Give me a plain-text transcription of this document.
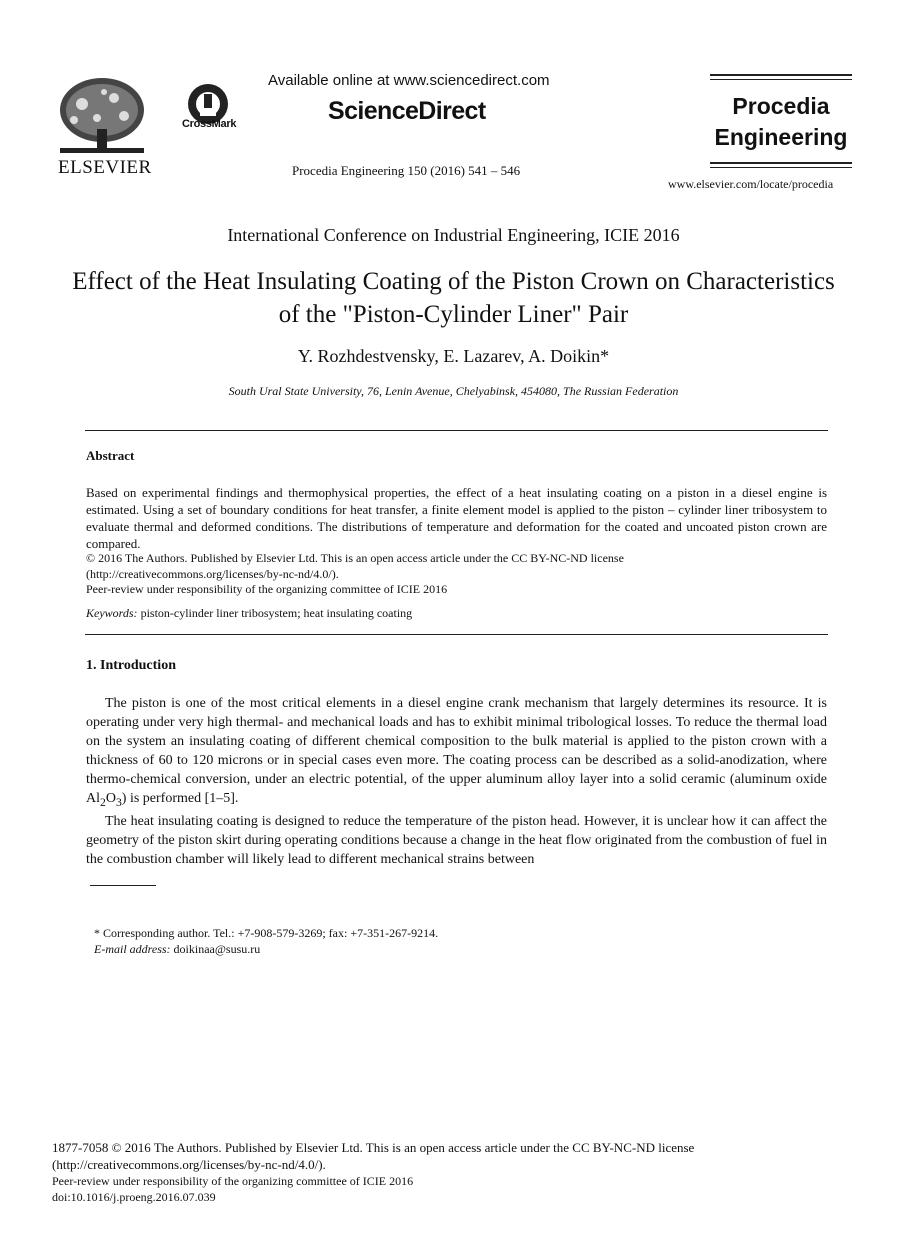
ELSEVIER
CrossMark
Available online at www.sciencedirect.com
ScienceDirect
Procedia Engineering 150 (2016) 541 – 546
Procedia
Engineering
www.elsevier.com/locate/procedia
International Conference on Industrial Engineering, ICIE 2016
Effect of the Heat Insulating Coating of the Piston Crown on Characteristics of the "Piston-Cylinder Liner" Pair
Y. Rozhdestvensky, E. Lazarev, A. Doikin*
South Ural State University, 76, Lenin Avenue, Chelyabinsk, 454080, The Russian Federation
Abstract
Based on experimental findings and thermophysical properties, the effect of a heat insulating coating on a piston in a diesel engine is estimated. Using a set of boundary conditions for heat transfer, a finite element model is applied to the piston – cylinder liner tribosystem to evaluate thermal and deformed conditions. The distributions of temperature and deformation for the coated and uncoated piston crown are compared.
© 2016 The Authors. Published by Elsevier Ltd. This is an open access article under the CC BY-NC-ND license
(http://creativecommons.org/licenses/by-nc-nd/4.0/).
Peer-review under responsibility of the organizing committee of ICIE 2016
Keywords: piston-cylinder liner tribosystem; heat insulating coating
1. Introduction

The piston is one of the most critical elements in a diesel engine crank mechanism that largely determines its resource. It is operating under very high thermal- and mechanical loads and has to exhibit minimal tribological losses. To reduce the thermal load on the system an insulating coating of different chemical composition to the bulk material is applied to the piston crown with a thickness of 60 to 120 microns or in special cases even more. The coating process can be described as a solid-anodization, where thermo-chemical conversion, under an electric potential, of the upper aluminum alloy layer into a solid ceramic (aluminum oxide $Al_2O_3$) is performed [1–5].

The heat insulating coating is designed to reduce the temperature of the piston head. However, it is unclear how it can affect the geometry of the piston skirt during operating conditions because a change in the heat flow originated from the combustion of fuel in the combustion chamber will likely lead to different mechanical strains between

* Corresponding author. Tel.: +7-908-579-3269; fax: +7-351-267-9214.
E-mail address: doikinaa@susu.ru
1877-7058 © 2016 The Authors. Published by Elsevier Ltd. This is an open access article under the CC BY-NC-ND license
(http://creativecommons.org/licenses/by-nc-nd/4.0/).
Peer-review under responsibility of the organizing committee of ICIE 2016
doi:10.1016/j.proeng.2016.07.039
